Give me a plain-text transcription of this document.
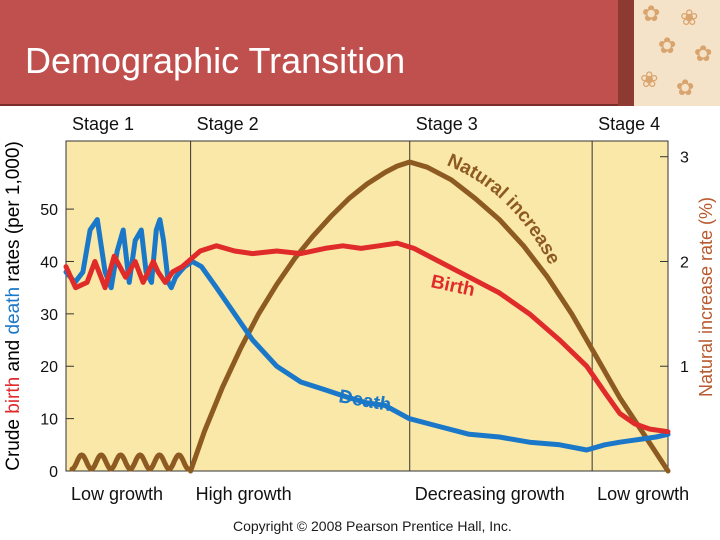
✿ ❀
✿ ✿
❀ ✿
Demographic Transition
Stage 1	Stage 2	Stage 3	Stage 4
Low growth High growth	Decreasing growth Low growth
0
10
20
30
40
50
1
2
3
Crude birth and death rates (per 1,000)	Natural increase rate (%)
Natural increase
Birth
Death
Copyright © 2008 Pearson Prentice Hall, Inc.
